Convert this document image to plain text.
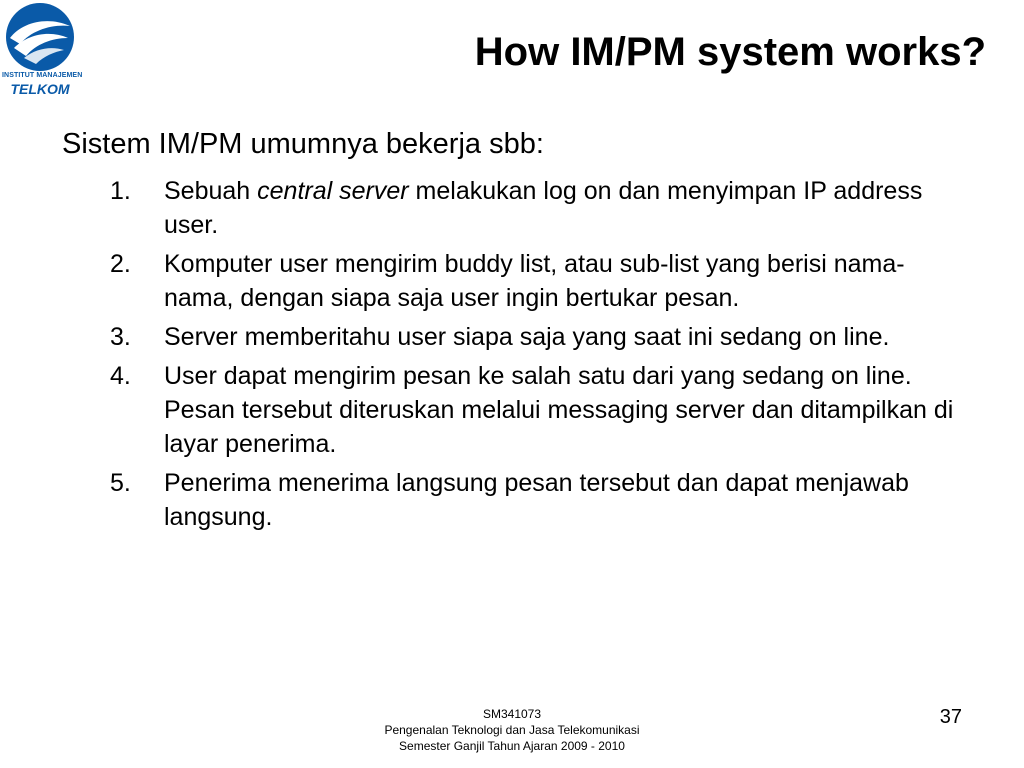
INSTITUT MANAJEMEN
TELKOM
How IM/PM system works?
Sistem IM/PM umumnya bekerja sbb:
1. Sebuah central server melakukan log on dan menyimpan IP address user.
2. Komputer user mengirim buddy list, atau sub-list yang berisi nama-nama, dengan siapa saja user ingin bertukar pesan.
3. Server memberitahu user siapa saja yang saat ini sedang on line.
4. User dapat mengirim pesan ke salah satu dari yang sedang on line. Pesan tersebut diteruskan melalui messaging server dan ditampilkan di layar penerima.
5. Penerima menerima langsung pesan tersebut dan dapat menjawab langsung.
SM341073
Pengenalan Teknologi dan Jasa Telekomunikasi
Semester Ganjil Tahun Ajaran 2009 - 2010
37
